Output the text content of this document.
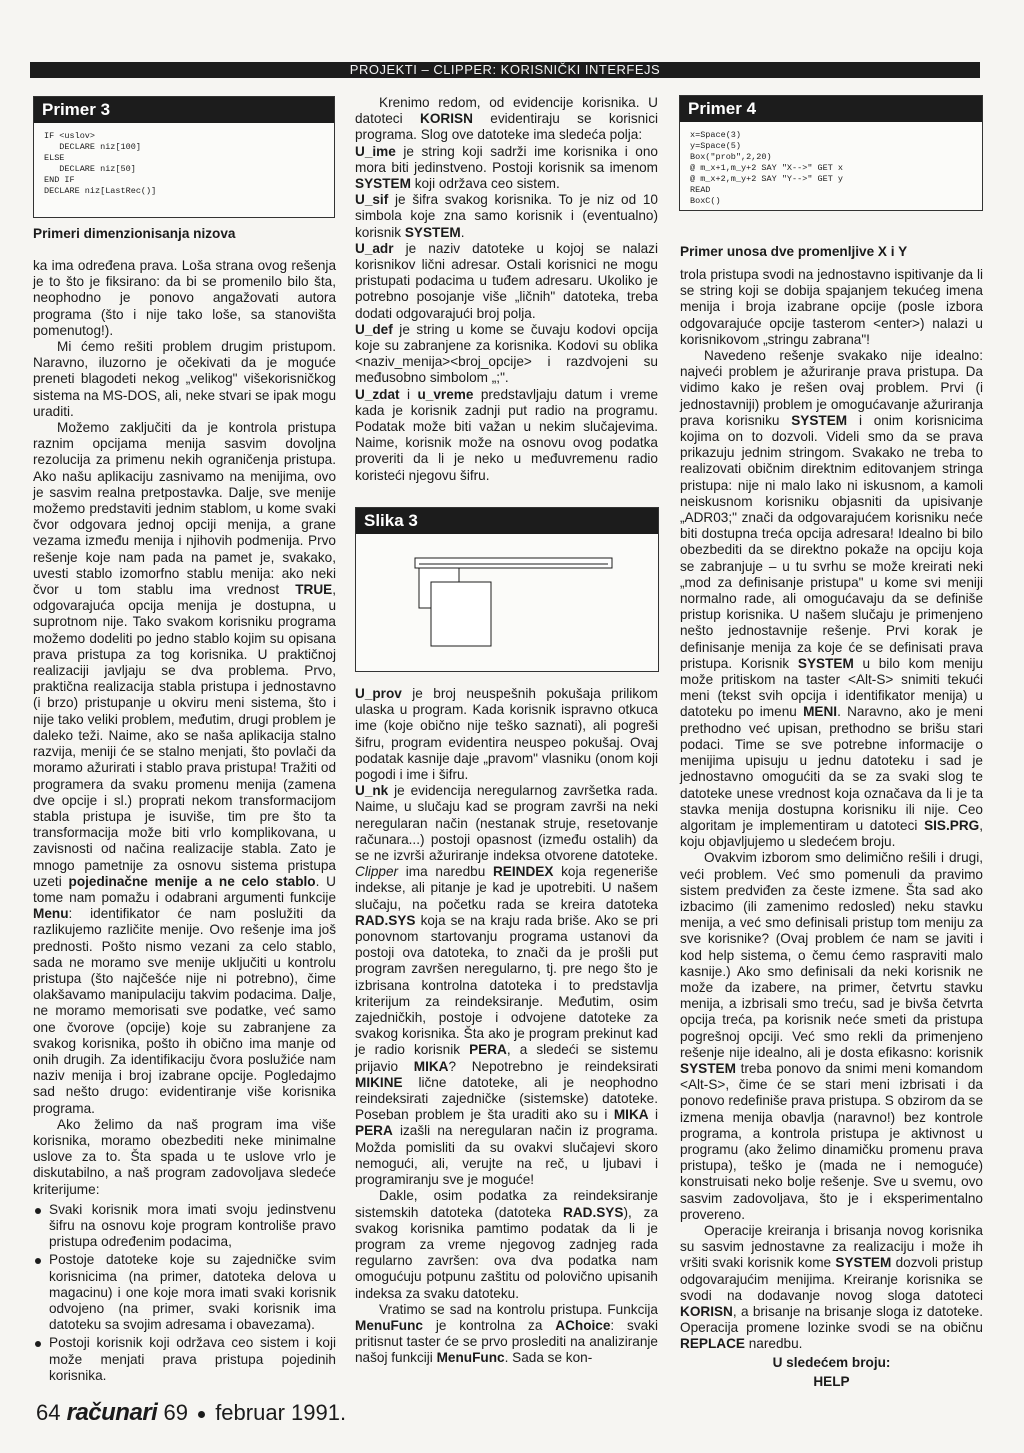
PROJEKTI – CLIPPER: KORISNIČKI INTERFEJS
Primer 3
IF <uslov>
DECLARE niz[100]
ELSE
DECLARE niz[50]
END IF
DECLARE niz[LastRec()]
Primeri dimenzionisanja nizova
Primer 4
x=Space(3)
y=Space(5)
Box("prob",2,20)
@ m_x+1,m_y+2 SAY "X-->" GET x
@ m_x+2,m_y+2 SAY "Y-->" GET y
READ
BoxC()
Primer unosa dve promenljive X i Y
Slika 3

ka ima određena prava. Loša strana ovog rešenja je to što je fiksirano: da bi se promenilo bilo šta, neophodno je ponovo angažovati autora programa (što i nije tako loše, sa stanovišta pomenutog!).

Mi ćemo rešiti problem drugim pristupom. Naravno, iluzorno je očekivati da je moguće preneti blagodeti nekog „velikog" višekorisničkog sistema na MS-DOS, ali, neke stvari se ipak mogu uraditi.

Možemo zaključiti da je kontrola pristupa raznim opcijama menija sasvim dovoljna rezolucija za primenu nekih ograničenja pristupa. Ako našu aplikaciju zasnivamo na menijima, ovo je sasvim realna pretpostavka. Dalje, sve menije možemo predstaviti jednim stablom, u kome svaki čvor odgovara jednoj opciji menija, a grane vezama između menija i njihovih podmenija. Prvo rešenje koje nam pada na pamet je, svakako, uvesti stablo izomorfno stablu menija: ako neki čvor u tom stablu ima vrednost TRUE, odgovarajuća opcija menija je dostupna, u suprotnom nije. Tako svakom korisniku programa možemo dodeliti po jedno stablo kojim su opisana prava pristupa za tog korisnika. U praktičnoj realizaciji javljaju se dva problema. Prvo, praktična realizacija stabla pristupa i jednostavno (i brzo) pristupanje u okviru meni sistema, što i nije tako veliki problem, međutim, drugi problem je daleko teži. Naime, ako se naša aplikacija stalno razvija, meniji će se stalno menjati, što povlači da moramo ažurirati i stablo prava pristupa! Tražiti od programera da svaku promenu menija (zamena dve opcije i sl.) proprati nekom transformacijom stabla pristupa je isuviše, tim pre što ta transformacija može biti vrlo komplikovana, u zavisnosti od načina realizacije stabla. Zato je mnogo pametnije za osnovu sistema pristupa uzeti pojedinačne menije a ne celo stablo. U tome nam pomažu i odabrani argumenti funkcije Menu: identifikator će nam poslužiti da razlikujemo različite menije. Ovo rešenje ima još prednosti. Pošto nismo vezani za celo stablo, sada ne moramo sve menije uključiti u kontrolu pristupa (što najčešće nije ni potrebno), čime olakšavamo manipulaciju takvim podacima. Dalje, ne moramo memorisati sve podatke, već samo one čvorove (opcije) koje su zabranjene za svakog korisnika, pošto ih obično ima manje od onih drugih. Za identifikaciju čvora poslužiće nam naziv menija i broj izabrane opcije. Pogledajmo sad nešto drugo: evidentiranje više korisnika programa.

Ako želimo da naš program ima više korisnika, moramo obezbediti neke minimalne uslove za to. Šta spada u te uslove vrlo je diskutabilno, a naš program zadovoljava sledeće kriterijume:

Svaki korisnik mora imati svoju jedinstvenu šifru na osnovu koje program kontroliše pravo pristupa određenim podacima,
Postoje datoteke koje su zajedničke svim korisnicima (na primer, datoteka delova u magacinu) i one koje mora imati svaki korisnik odvojeno (na primer, svaki korisnik ima datoteku sa svojim adresama i obavezama).
Postoji korisnik koji održava ceo sistem i koji može menjati prava pristupa pojedinih korisnika.

Krenimo redom, od evidencije korisnika. U datoteci KORISN evidentiraju se korisnici programa. Slog ove datoteke ima sledeća polja:

U_ime je string koji sadrži ime korisnika i ono mora biti jedinstveno. Postoji korisnik sa imenom SYSTEM koji održava ceo sistem.

U_sif je šifra svakog korisnika. To je niz od 10 simbola koje zna samo korisnik i (eventualno) korisnik SYSTEM.

U_adr je naziv datoteke u kojoj se nalazi korisnikov lični adresar. Ostali korisnici ne mogu pristupati podacima u tuđem adresaru. Ukoliko je potrebno posojanje više „ličnih" datoteka, treba dodati odgovarajući broj polja.

U_def je string u kome se čuvaju kodovi opcija koje su zabranjene za korisnika. Kodovi su oblika <naziv_menija><broj_opcije> i razdvojeni su međusobno simbolom „;".

U_zdat i u_vreme predstavljaju datum i vreme kada je korisnik zadnji put radio na programu. Podatak može biti važan u nekim slučajevima. Naime, korisnik može na osnovu ovog podatka proveriti da li je neko u međuvremenu radio koristeći njegovu šifru.

U_prov je broj neuspešnih pokušaja prilikom ulaska u program. Kada korisnik ispravno otkuca ime (koje obično nije teško saznati), ali pogreši šifru, program evidentira neuspeo pokušaj. Ovaj podatak kasnije daje „pravom" vlasniku (onom koji pogodi i ime i šifru.

U_nk je evidencija neregularnog završetka rada. Naime, u slučaju kad se program završi na neki neregularan način (nestanak struje, resetovanje računara...) postoji opasnost (između ostalih) da se ne izvrši ažuriranje indeksa otvorene datoteke. Clipper ima naredbu REINDEX koja regeneriše indekse, ali pitanje je kad je upotrebiti. U našem slučaju, na početku rada se kreira datoteka RAD.SYS koja se na kraju rada briše. Ako se pri ponovnom startovanju programa ustanovi da postoji ova datoteka, to znači da je prošli put program završen neregularno, tj. pre nego što je izbrisana kontrolna datoteka i to predstavlja kriterijum za reindeksiranje. Međutim, osim zajedničkih, postoje i odvojene datoteke za svakog korisnika. Šta ako je program prekinut kad je radio korisnik PERA, a sledeći se sistemu prijavio MIKA? Nepotrebno je reindeksirati MIKINE lične datoteke, ali je neophodno reindeksirati zajedničke (sistemske) datoteke. Poseban problem je šta uraditi ako su i MIKA i PERA izašli na neregularan način iz programa. Možda pomisliti da su ovakvi slučajevi skoro nemogući, ali, verujte na reč, u ljubavi i programiranju sve je moguće!

Dakle, osim podatka za reindeksiranje sistemskih datoteka (datoteka RAD.SYS), za svakog korisnika pamtimo podatak da li je program za vreme njegovog zadnjeg rada regularno završen: ova dva podatka nam omogućuju potpunu zaštitu od polovično upisanih indeksa za svaku datoteku.

Vratimo se sad na kontrolu pristupa. Funkcija MenuFunc je kontrolna za AChoice: svaki pritisnut taster će se prvo proslediti na analiziranje našoj funkciji MenuFunc. Sada se kon-

trola pristupa svodi na jednostavno ispitivanje da li se string koji se dobija spajanjem tekućeg imena menija i broja izabrane opcije (posle izbora odgovarajuće opcije tasterom <enter>) nalazi u korisnikovom „stringu zabrana"!

Navedeno rešenje svakako nije idealno: najveći problem je ažuriranje prava pristupa. Da vidimo kako je rešen ovaj problem. Prvi (i jednostavniji) problem je omogućavanje ažuriranja prava korisniku SYSTEM i onim korisnicima kojima on to dozvoli. Videli smo da se prava prikazuju jednim stringom. Svakako ne treba to realizovati običnim direktnim editovanjem stringa pristupa: nije ni malo lako ni iskusnom, a kamoli neiskusnom korisniku objasniti da upisivanje „ADR03;" znači da odgovarajućem korisniku neće biti dostupna treća opcija adresara! Idealno bi bilo obezbediti da se direktno pokaže na opciju koja se zabranjuje – u tu svrhu se može kreirati neki „mod za definisanje pristupa" u kome svi meniji normalno rade, ali omogućavaju da se definiše pristup korisnika. U našem slučaju je primenjeno nešto jednostavnije rešenje. Prvi korak je definisanje menija za koje će se definisati prava pristupa. Korisnik SYSTEM u bilo kom meniju može pritiskom na taster <Alt-S> snimiti tekući meni (tekst svih opcija i identifikator menija) u datoteku po imenu MENI. Naravno, ako je meni prethodno već upisan, prethodno se brišu stari podaci. Time se sve potrebne informacije o menijima upisuju u jednu datoteku i sad je jednostavno omogućiti da se za svaki slog te datoteke unese vrednost koja označava da li je ta stavka menija dostupna korisniku ili nije. Ceo algoritam je implementiram u datoteci SIS.PRG, koju objavljujemo u sledećem broju.

Ovakvim izborom smo delimično rešili i drugi, veći problem. Već smo pomenuli da pravimo sistem predviđen za česte izmene. Šta sad ako izbacimo (ili zamenimo redosled) neku stavku menija, a već smo definisali pristup tom meniju za sve korisnike? (Ovaj problem će nam se javiti i kod help sistema, o čemu ćemo raspraviti malo kasnije.) Ako smo definisali da neki korisnik ne može da izabere, na primer, četvrtu stavku menija, a izbrisali smo treću, sad je bivša četvrta opcija treća, pa korisnik neće smeti da pristupa pogrešnoj opciji. Već smo rekli da primenjeno rešenje nije idealno, ali je dosta efikasno: korisnik SYSTEM treba ponovo da snimi meni komandom <Alt-S>, čime će se stari meni izbrisati i da ponovo redefiniše prava pristupa. S obzirom da se izmena menija obavlja (naravno!) bez kontrole programa, a kontrola pristupa je aktivnost u programu (ako želimo dinamičku promenu prava pristupa), teško je (mada ne i nemoguće) konstruisati neko bolje rešenje. Sve u svemu, ovo sasvim zadovoljava, što je i eksperimentalno provereno.

Operacije kreiranja i brisanja novog korisnika su sasvim jednostavne za realizaciju i može ih vršiti svaki korisnik kome SYSTEM dozvoli pristup odgovarajućim menijima. Kreiranje korisnika se svodi na dodavanje novog sloga datoteci KORISN, a brisanje na brisanje sloga iz datoteke. Operacija promene lozinke svodi se na običnu REPLACE naredbu.

U sledećem broju:

HELP

64 računari 69 februar 1991.
